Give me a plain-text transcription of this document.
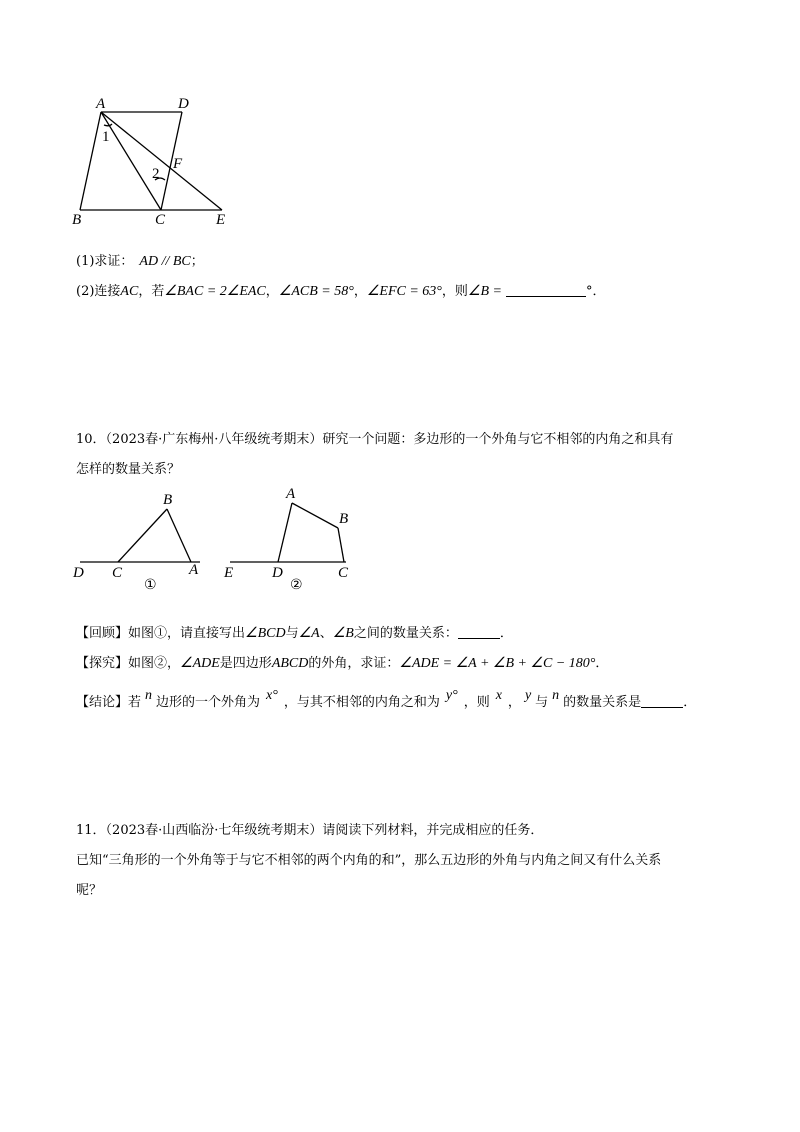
A	D
F
B	C	E
1
2
(1)求证： AD // BC；
(2)连接AC，若∠BAC = 2∠EAC，∠ACB = 58°，∠EFC = 63°，则∠B =	°．
10．（2023春·广东梅州·八年级统考期末）研究一个问题：多边形的一个外角与它不相邻的内角之和具有
怎样的数量关系？
B
D C	A
①
A
B
E	D	C
②
【回顾】如图①，请直接写出∠BCD与∠A、∠B之间的数量关系：	．
【探究】如图②，∠ADE是四边形ABCD的外角，求证：∠ADE = ∠A + ∠B + ∠C − 180°．
【结论】若 n 边形的一个外角为 x° ，与其不相邻的内角之和为 y° ，则 x ， y 与 n 的数量关系是	．
11．（2023春·山西临汾·七年级统考期末）请阅读下列材料，并完成相应的任务．
已知“三角形的一个外角等于与它不相邻的两个内角的和”，那么五边形的外角与内角之间又有什么关系
呢？
